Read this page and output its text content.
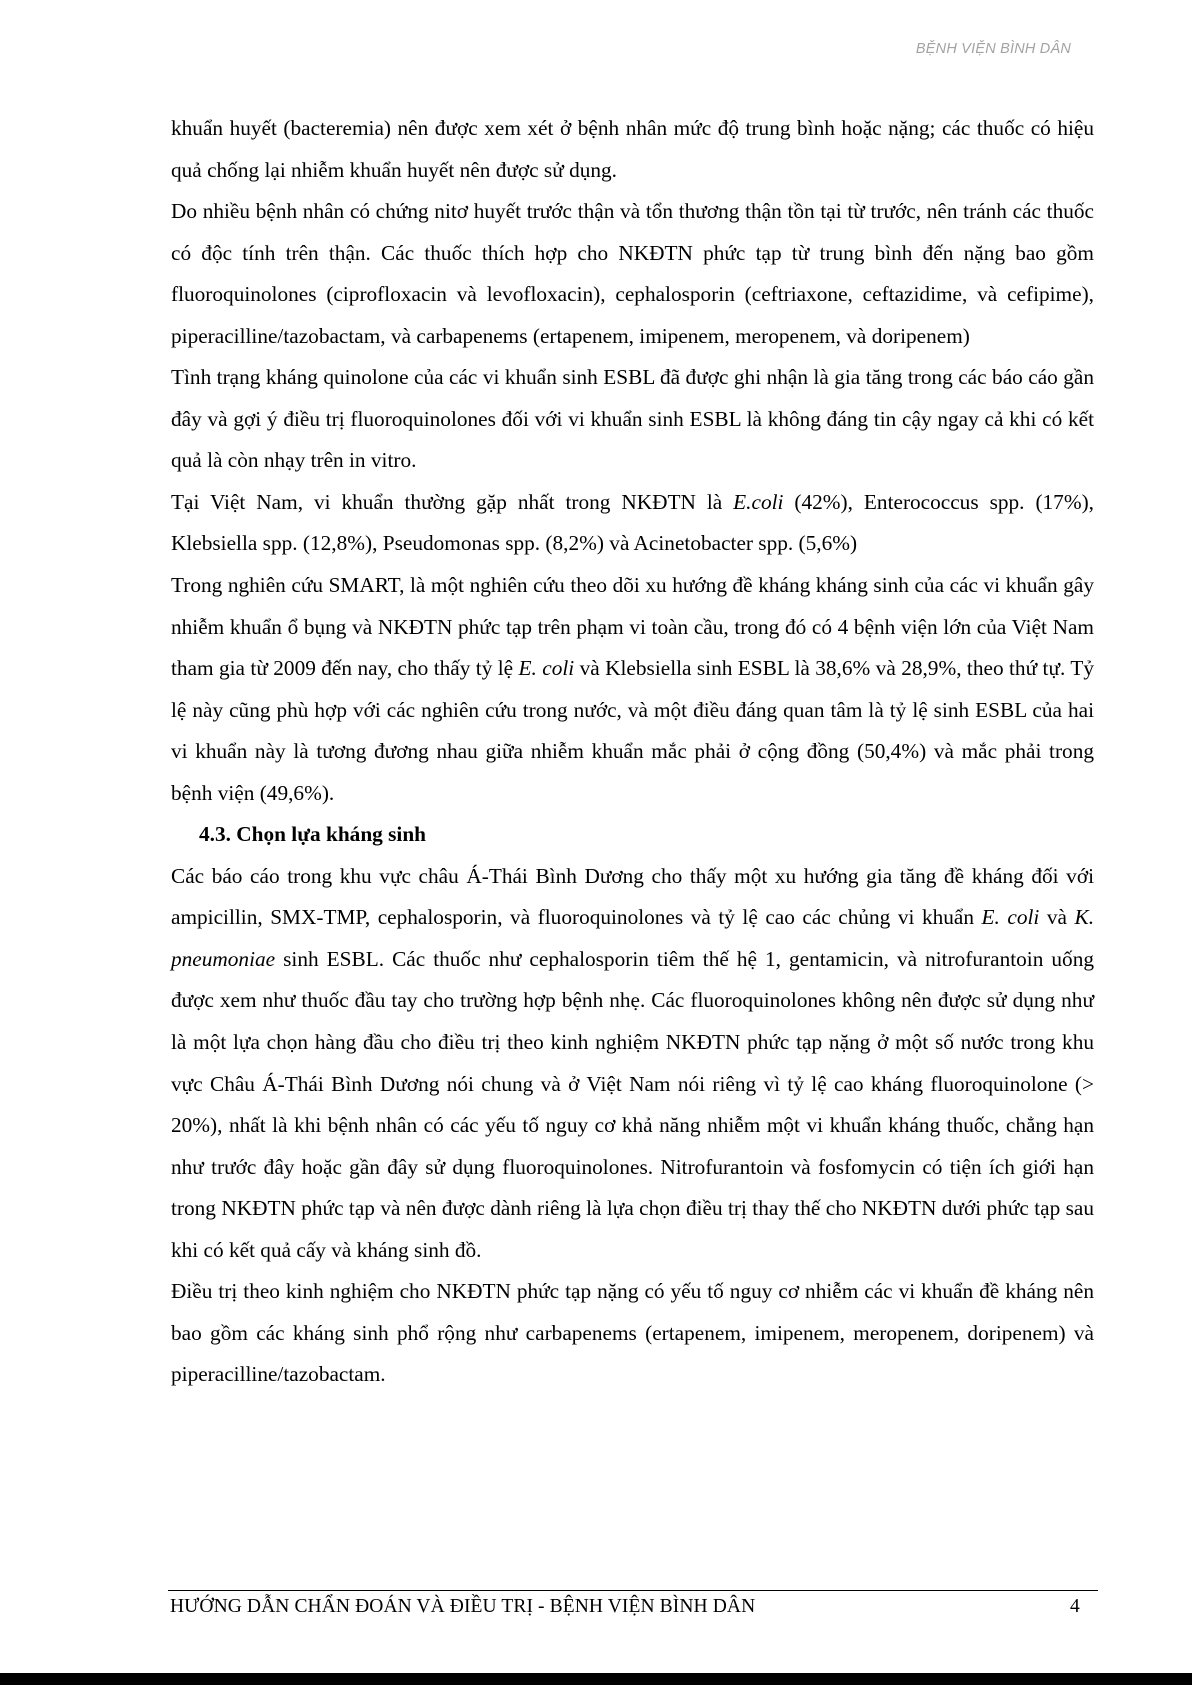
BỆNH VIỆN BÌNH DÂN

khuẩn huyết (bacteremia) nên được xem xét ở bệnh nhân mức độ trung bình hoặc nặng; các thuốc có hiệu quả chống lại nhiễm khuẩn huyết nên được sử dụng.

Do nhiều bệnh nhân có chứng nitơ huyết trước thận và tổn thương thận tồn tại từ trước, nên tránh các thuốc có độc tính trên thận. Các thuốc thích hợp cho NKĐTN phức tạp từ trung bình đến nặng bao gồm fluoroquinolones (ciprofloxacin và levofloxacin), cephalosporin (ceftriaxone, ceftazidime, và cefipime), piperacilline/tazobactam, và carbapenems (ertapenem, imipenem, meropenem, và doripenem)

Tình trạng kháng quinolone của các vi khuẩn sinh ESBL đã được ghi nhận là gia tăng trong các báo cáo gần đây và gợi ý điều trị fluoroquinolones đối với vi khuẩn sinh ESBL là không đáng tin cậy ngay cả khi có kết quả là còn nhạy trên in vitro.

Tại Việt Nam, vi khuẩn thường gặp nhất trong NKĐTN là E.coli (42%), Enterococcus spp. (17%), Klebsiella spp. (12,8%), Pseudomonas spp. (8,2%) và Acinetobacter spp. (5,6%)

Trong nghiên cứu SMART, là một nghiên cứu theo dõi xu hướng đề kháng kháng sinh của các vi khuẩn gây nhiễm khuẩn ổ bụng và NKĐTN phức tạp trên phạm vi toàn cầu, trong đó có 4 bệnh viện lớn của Việt Nam tham gia từ 2009 đến nay, cho thấy tỷ lệ E. coli và Klebsiella sinh ESBL là 38,6% và 28,9%, theo thứ tự. Tỷ lệ này cũng phù hợp với các nghiên cứu trong nước, và một điều đáng quan tâm là tỷ lệ sinh ESBL của hai vi khuẩn này là tương đương nhau giữa nhiễm khuẩn mắc phải ở cộng đồng (50,4%) và mắc phải trong bệnh viện (49,6%).

4.3. Chọn lựa kháng sinh

Các báo cáo trong khu vực châu Á-Thái Bình Dương cho thấy một xu hướng gia tăng đề kháng đối với ampicillin, SMX-TMP, cephalosporin, và fluoroquinolones và tỷ lệ cao các chủng vi khuẩn E. coli và K. pneumoniae sinh ESBL. Các thuốc như cephalosporin tiêm thế hệ 1, gentamicin, và nitrofurantoin uống được xem như thuốc đầu tay cho trường hợp bệnh nhẹ. Các fluoroquinolones không nên được sử dụng như là một lựa chọn hàng đầu cho điều trị theo kinh nghiệm NKĐTN phức tạp nặng ở một số nước trong khu vực Châu Á-Thái Bình Dương nói chung và ở Việt Nam nói riêng vì tỷ lệ cao kháng fluoroquinolone (> 20%), nhất là khi bệnh nhân có các yếu tố nguy cơ khả năng nhiễm một vi khuẩn kháng thuốc, chẳng hạn như trước đây hoặc gần đây sử dụng fluoroquinolones. Nitrofurantoin và fosfomycin có tiện ích giới hạn trong NKĐTN phức tạp và nên được dành riêng là lựa chọn điều trị thay thế cho NKĐTN dưới phức tạp sau khi có kết quả cấy và kháng sinh đồ.

Điều trị theo kinh nghiệm cho NKĐTN phức tạp nặng có yếu tố nguy cơ nhiễm các vi khuẩn đề kháng nên bao gồm các kháng sinh phổ rộng như carbapenems (ertapenem, imipenem, meropenem, doripenem) và piperacilline/tazobactam.

HƯỚNG DẪN CHẨN ĐOÁN VÀ ĐIỀU TRỊ - BỆNH VIỆN BÌNH DÂN	4
